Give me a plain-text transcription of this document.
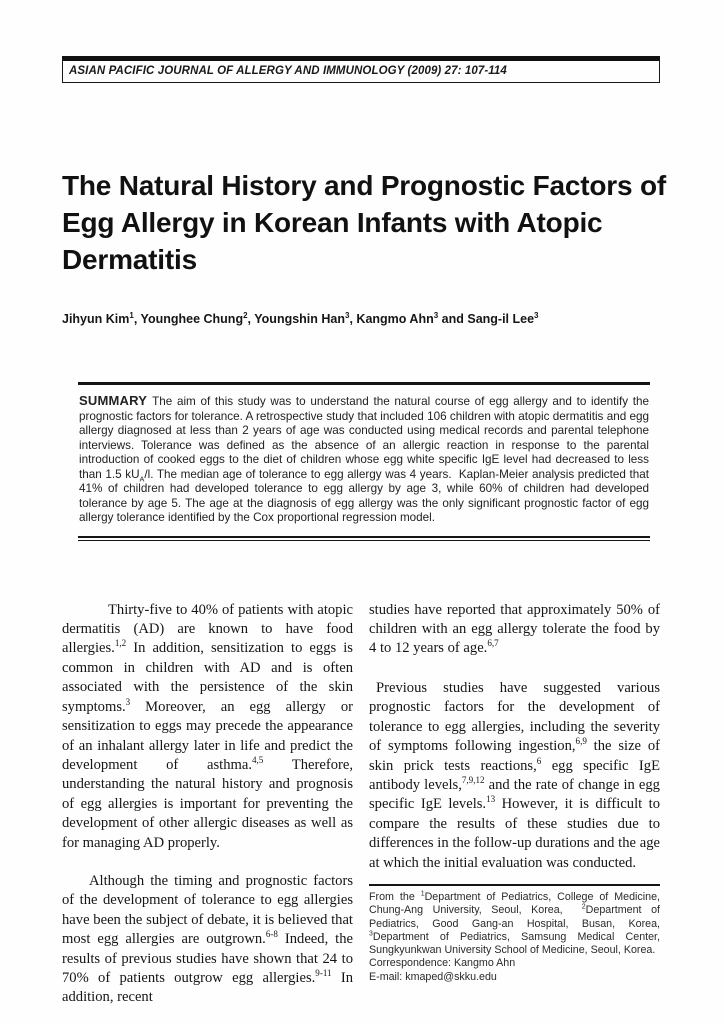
ASIAN PACIFIC JOURNAL OF ALLERGY AND IMMUNOLOGY (2009) 27: 107-114
The Natural History and Prognostic Factors of Egg Allergy in Korean Infants with Atopic Dermatitis
Jihyun Kim$^1$, Younghee Chung$^2$, Youngshin Han$^3$, Kangmo Ahn$^3$ and Sang-il Lee$^3$
SUMMARY The aim of this study was to understand the natural course of egg allergy and to identify the prognostic factors for tolerance. A retrospective study that included 106 children with atopic dermatitis and egg allergy diagnosed at less than 2 years of age was conducted using medical records and parental telephone interviews. Tolerance was defined as the absence of an allergic reaction in response to the parental introduction of cooked eggs to the diet of children whose egg white specific IgE level had decreased to less than 1.5 $kU_A/l$. The median age of tolerance to egg allergy was 4 years.  Kaplan-Meier analysis predicted that 41% of children had developed tolerance to egg allergy by age 3, while 60% of children had developed tolerance by age 5. The age at the diagnosis of egg allergy was the only significant prognostic factor of egg allergy tolerance identified by the Cox proportional regression model.

Thirty-five to 40% of patients with atopic dermatitis (AD) are known to have food allergies.$^{1,2}$ In addition, sensitization to eggs is common in children with AD and is often associated with the persistence of the skin symptoms.$^3$ Moreover, an egg allergy or sensitization to eggs may precede the appearance of an inhalant allergy later in life and predict the development of asthma.$^{4,5}$ Therefore, understanding the natural history and prognosis of egg allergies is important for preventing the development of other allergic diseases as well as for managing AD properly.

Although the timing and prognostic factors of the development of tolerance to egg allergies have been the subject of debate, it is believed that most egg allergies are outgrown.$^{6-8}$ Indeed, the results of previous studies have shown that 24 to 70% of patients outgrow egg allergies.$^{9-11}$ In addition, recent

studies have reported that approximately 50% of children with an egg allergy tolerate the food by 4 to 12 years of age.$^{6,7}$

Previous studies have suggested various prognostic factors for the development of tolerance to egg allergies, including the severity of symptoms following ingestion,$^{6,9}$ the size of skin prick tests reactions,$^6$ egg specific IgE antibody levels,$^{7,9,12}$ and the rate of change in egg specific IgE levels.$^{13}$ However, it is difficult to compare the results of these studies due to differences in the follow-up durations and the age at which the initial evaluation was conducted.

From the $^1$Department of Pediatrics, College of Medicine, Chung-Ang University, Seoul, Korea,  $^2$Department of Pediatrics, Good Gang-an Hospital, Busan, Korea, $^3$Department of Pediatrics, Samsung Medical Center, Sungkyunkwan University School of Medicine, Seoul, Korea.
Correspondence: Kangmo Ahn
E-mail: kmaped@skku.edu
